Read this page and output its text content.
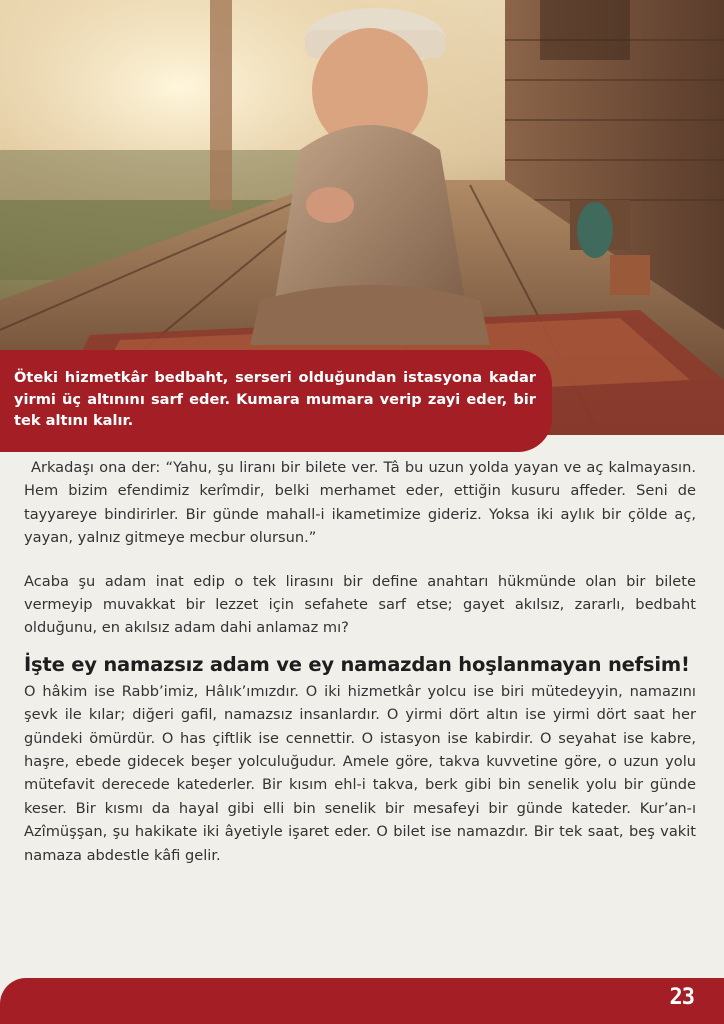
Öteki hizmetkâr bedbaht, serseri olduğundan istasyona kadar yirmi üç altınını sarf eder. Kumara mumara verip zayi eder, bir tek altını kalır.

Arkadaşı ona der: “Yahu, şu liranı bir bilete ver. Tâ bu uzun yolda yayan ve aç kalmayasın. Hem bizim efendimiz kerîmdir, belki merhamet eder, ettiğin kusuru affeder. Seni de tayyareye bindirirler. Bir günde mahall-i ikametimize gideriz. Yoksa iki aylık bir çölde aç, yayan, yalnız gitmeye mecbur olursun.”

Acaba şu adam inat edip o tek lirasını bir define anahtarı hükmünde olan bir bilete vermeyip muvakkat bir lezzet için sefahete sarf etse; gayet akılsız, zararlı, bedbaht olduğunu, en akılsız adam dahi anlamaz mı?

İşte ey namazsız adam ve ey namazdan hoşlanmayan nefsim!

O hâkim ise Rabb’imiz, Hâlık’ımızdır. O iki hizmetkâr yolcu ise biri mütedeyyin, namazını şevk ile kılar; diğeri gafil, namazsız insanlardır. O yirmi dört altın ise yirmi dört saat her gündeki ömürdür. O has çiftlik ise cennettir. O istasyon ise kabirdir. O seyahat ise kabre, haşre, ebede gidecek beşer yolculuğudur. Amele göre, takva kuvvetine göre, o uzun yolu mütefavit derecede katederler. Bir kısım ehl-i takva, berk gibi bin senelik yolu bir günde keser. Bir kısmı da hayal gibi elli bin senelik bir mesafeyi bir günde kateder. Kur’an-ı Azîmüşşan, şu hakikate iki âyetiyle işaret eder. O bilet ise namazdır. Bir tek saat, beş vakit namaza abdestle kâfi gelir.

23
